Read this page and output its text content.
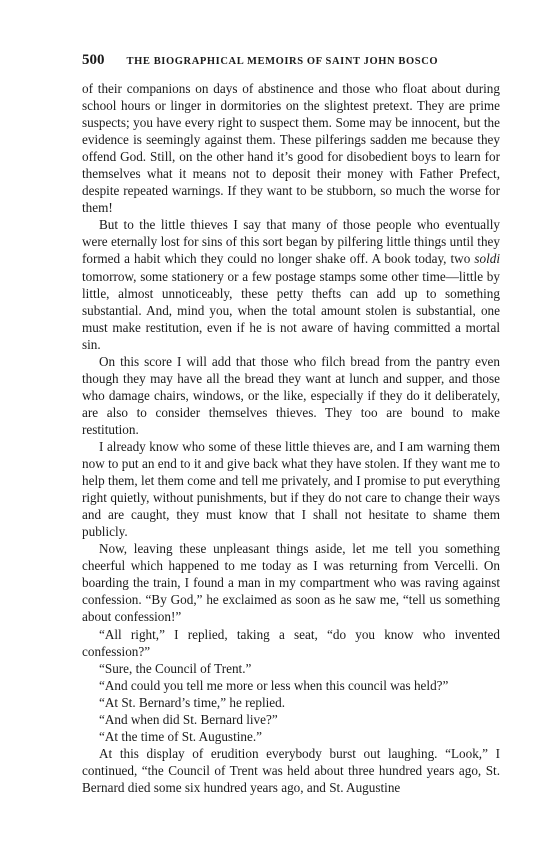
500 THE BIOGRAPHICAL MEMOIRS OF SAINT JOHN BOSCO

of their companions on days of abstinence and those who float about during school hours or linger in dormitories on the slightest pretext. They are prime suspects; you have every right to suspect them. Some may be innocent, but the evidence is seemingly against them. These pilferings sadden me because they offend God. Still, on the other hand it’s good for disobedient boys to learn for themselves what it means not to deposit their money with Father Prefect, despite repeated warnings. If they want to be stubborn, so much the worse for them!

But to the little thieves I say that many of those people who eventually were eternally lost for sins of this sort began by pilfering little things until they formed a habit which they could no longer shake off. A book today, two soldi tomorrow, some stationery or a few postage stamps some other time—little by little, almost unnoticeably, these petty thefts can add up to something substantial. And, mind you, when the total amount stolen is substantial, one must make restitution, even if he is not aware of having committed a mortal sin.

On this score I will add that those who filch bread from the pantry even though they may have all the bread they want at lunch and supper, and those who damage chairs, windows, or the like, especially if they do it deliberately, are also to consider themselves thieves. They too are bound to make restitution.

I already know who some of these little thieves are, and I am warning them now to put an end to it and give back what they have stolen. If they want me to help them, let them come and tell me privately, and I promise to put everything right quietly, without punishments, but if they do not care to change their ways and are caught, they must know that I shall not hesitate to shame them publicly.

Now, leaving these unpleasant things aside, let me tell you something cheerful which happened to me today as I was returning from Vercelli. On boarding the train, I found a man in my compartment who was raving against confession. “By God,” he exclaimed as soon as he saw me, “tell us something about confession!”

“All right,” I replied, taking a seat, “do you know who invented confession?”

“Sure, the Council of Trent.”

“And could you tell me more or less when this council was held?”

“At St. Bernard’s time,” he replied.

“And when did St. Bernard live?”

“At the time of St. Augustine.”

At this display of erudition everybody burst out laughing. “Look,” I continued, “the Council of Trent was held about three hundred years ago, St. Bernard died some six hundred years ago, and St. Augustine
